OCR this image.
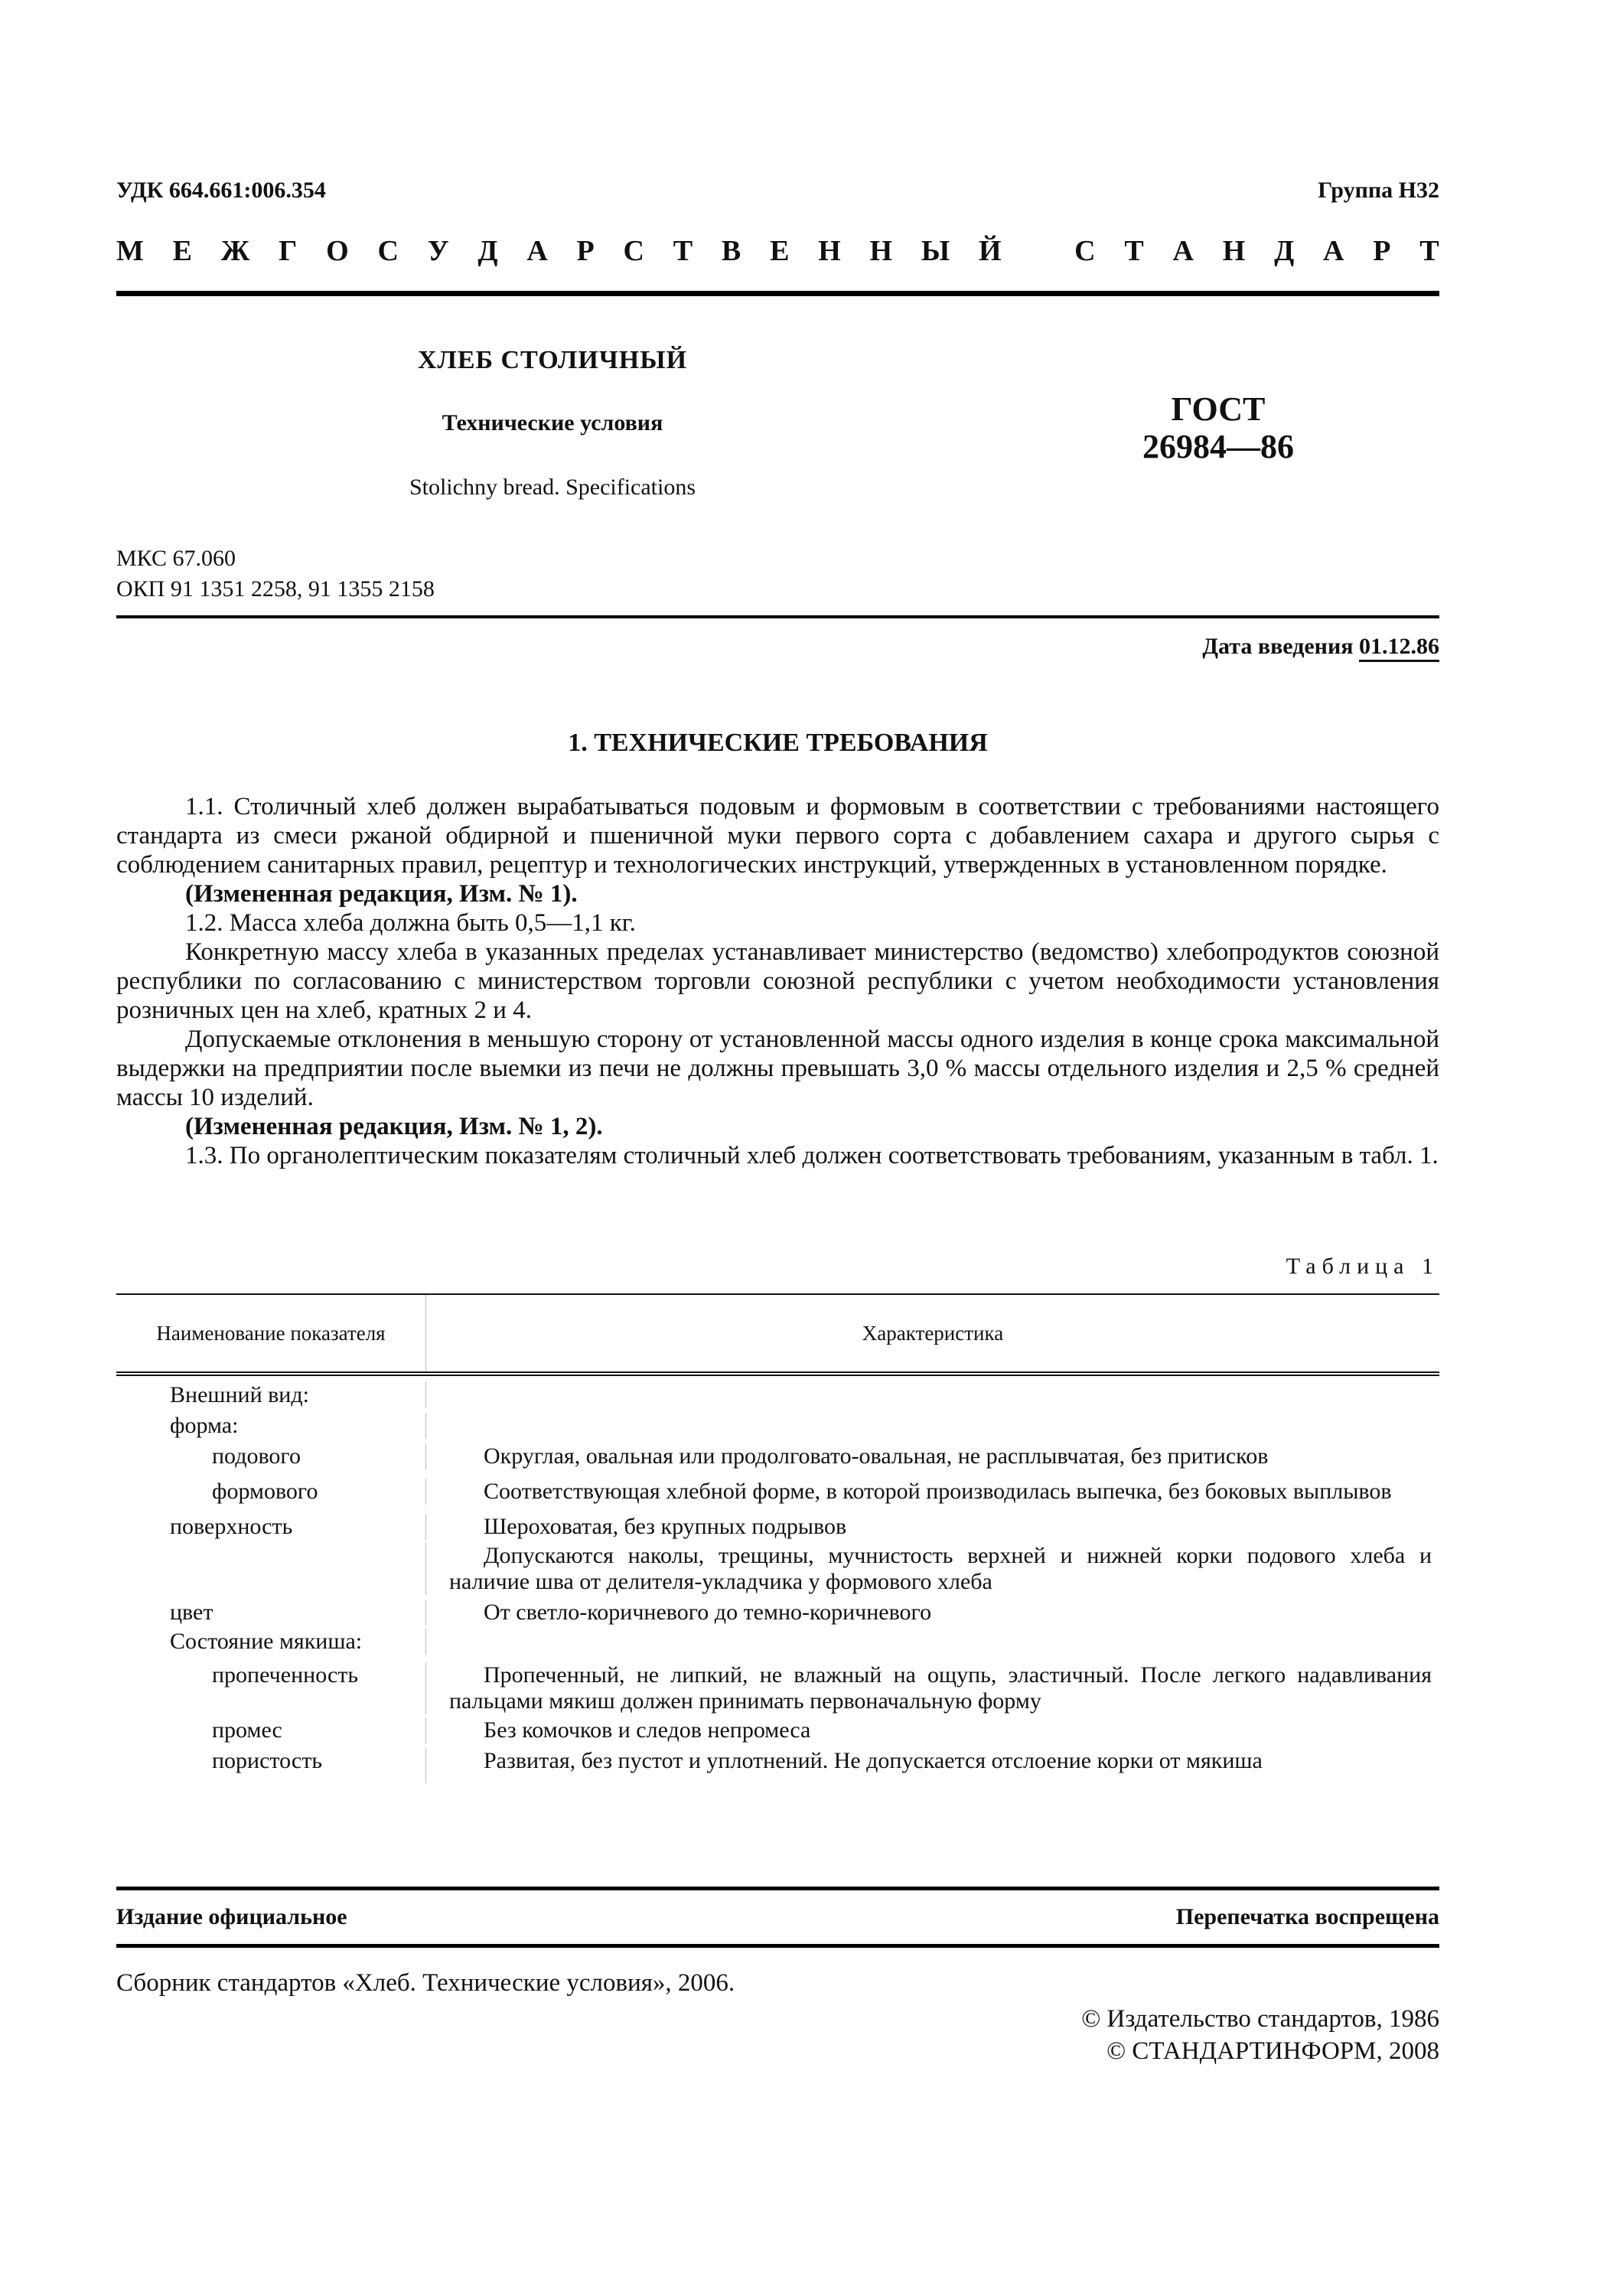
УДК 664.661:006.354	Группа Н32
М Е Ж Г О С У Д А Р С Т В Е Н Н Ы Й	С Т А Н Д А Р Т
ХЛЕБ СТОЛИЧНЫЙ
Технические условия
Stolichny bread. Specifications
ГОСТ
26984—86
МКС 67.060
ОКП 91 1351 2258, 91 1355 2158
Дата введения 01.12.86
1. ТЕХНИЧЕСКИЕ ТРЕБОВАНИЯ

1.1. Столичный хлеб должен вырабатываться подовым и формовым в соответствии с требованиями настоящего стандарта из смеси ржаной обдирной и пшеничной муки первого сорта с добавлением сахара и другого сырья с соблюдением санитарных правил, рецептур и технологических инструкций, утвержденных в установленном порядке.

(Измененная редакция, Изм. № 1).

1.2. Масса хлеба должна быть 0,5—1,1 кг.

Конкретную массу хлеба в указанных пределах устанавливает министерство (ведомство) хлебопродуктов союзной республики по согласованию с министерством торговли союзной республики с учетом необходимости установления розничных цен на хлеб, кратных 2 и 4.

Допускаемые отклонения в меньшую сторону от установленной массы одного изделия в конце срока максимальной выдержки на предприятии после выемки из печи не должны превышать 3,0 % массы отдельного изделия и 2,5 % средней массы 10 изделий.

(Измененная редакция, Изм. № 1, 2).

1.3. По органолептическим показателям столичный хлеб должен соответствовать требованиям, указанным в табл. 1.

Таблица 1
Наименование показателя	Характеристика
Внешний вид:
форма:
подового	Округлая, овальная или продолговато-овальная, не расплывчатая, без притисков
формового	Соответствующая хлебной форме, в которой производилась выпечка, без боковых выплывов
поверхность	Шероховатая, без крупных подрывов
Допускаются наколы, трещины, мучнистость верхней и нижней корки подового хлеба и наличие шва от делителя-укладчика у формового хлеба
цвет	От светло-коричневого до темно-коричневого
Состояние мякиша:
пропеченность	Пропеченный, не липкий, не влажный на ощупь, эластичный. После легкого надавливания пальцами мякиш должен принимать первоначальную форму
промес	Без комочков и следов непромеса
пористость	Развитая, без пустот и уплотнений. Не допускается отслоение корки от мякиша
Издание официальное	Перепечатка воспрещена
Сборник стандартов «Хлеб. Технические условия», 2006.
© Издательство стандартов, 1986
© СТАНДАРТИНФОРМ, 2008
